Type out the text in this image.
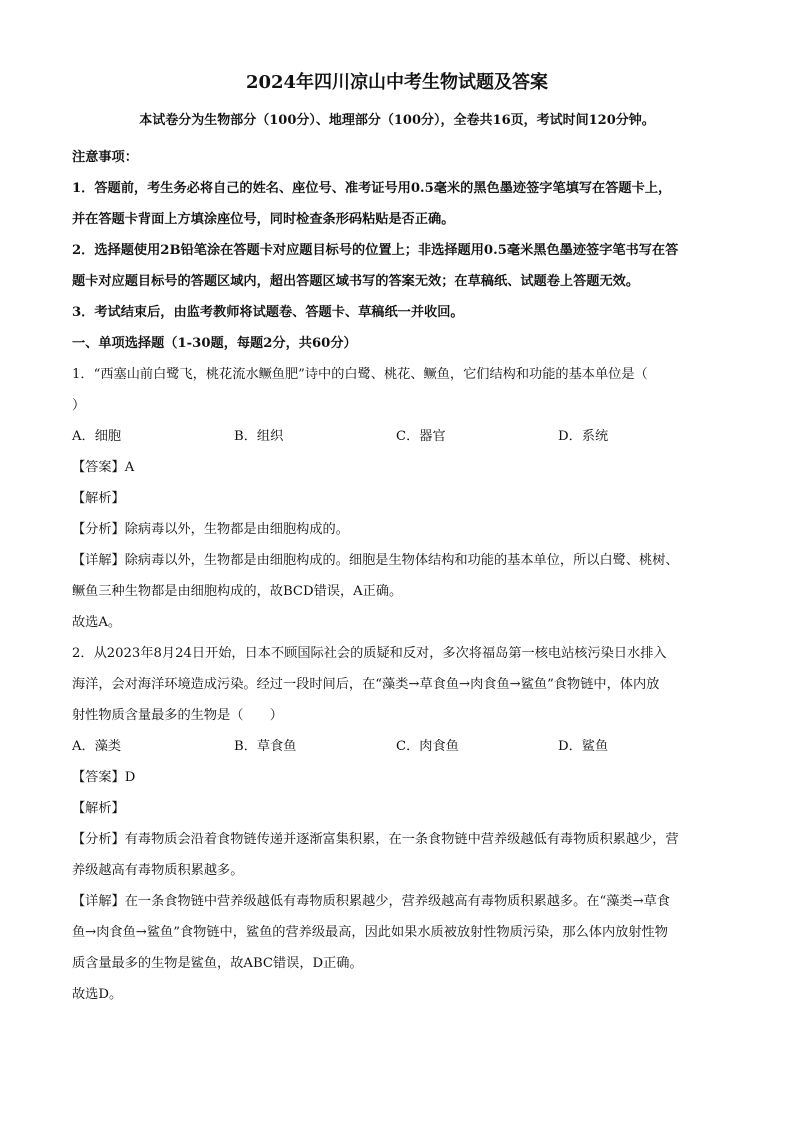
2024年四川凉山中考生物试题及答案
本试卷分为生物部分（100分）、地理部分（100分），全卷共16页，考试时间120分钟。
注意事项：
1．答题前，考生务必将自己的姓名、座位号、准考证号用0.5毫米的黑色墨迹签字笔填写在答题卡上，
并在答题卡背面上方填涂座位号，同时检查条形码粘贴是否正确。
2．选择题使用2B铅笔涂在答题卡对应题目标号的位置上；非选择题用0.5毫米黑色墨迹签字笔书写在答
题卡对应题目标号的答题区域内，超出答题区域书写的答案无效；在草稿纸、试题卷上答题无效。
3．考试结束后，由监考教师将试题卷、答题卡、草稿纸一并收回。
一、单项选择题（1-30题，每题2分，共60分）
1．“西塞山前白鹭飞，桃花流水鳜鱼肥”诗中的白鹭、桃花、鳜鱼，它们结构和功能的基本单位是（
）
A．细胞	B．组织	C．器官	D．系统
【答案】A
【解析】
【分析】除病毒以外，生物都是由细胞构成的。
【详解】除病毒以外，生物都是由细胞构成的。细胞是生物体结构和功能的基本单位，所以白鹭、桃树、
鳜鱼三种生物都是由细胞构成的，故BCD错误，A正确。
故选A。
2．从2023年8月24日开始，日本不顾国际社会的质疑和反对，多次将福岛第一核电站核污染日水排入
海洋，会对海洋环境造成污染。经过一段时间后，在“藻类→草食鱼→肉食鱼→鲨鱼”食物链中，体内放
射性物质含量最多的生物是（　　）
A．藻类	B．草食鱼	C．肉食鱼	D．鲨鱼
【答案】D
【解析】
【分析】有毒物质会沿着食物链传递并逐渐富集积累，在一条食物链中营养级越低有毒物质积累越少，营
养级越高有毒物质积累越多。
【详解】在一条食物链中营养级越低有毒物质积累越少，营养级越高有毒物质积累越多。在“藻类→草食
鱼→肉食鱼→鲨鱼”食物链中，鲨鱼的营养级最高，因此如果水质被放射性物质污染，那么体内放射性物
质含量最多的生物是鲨鱼，故ABC错误，D正确。
故选D。
